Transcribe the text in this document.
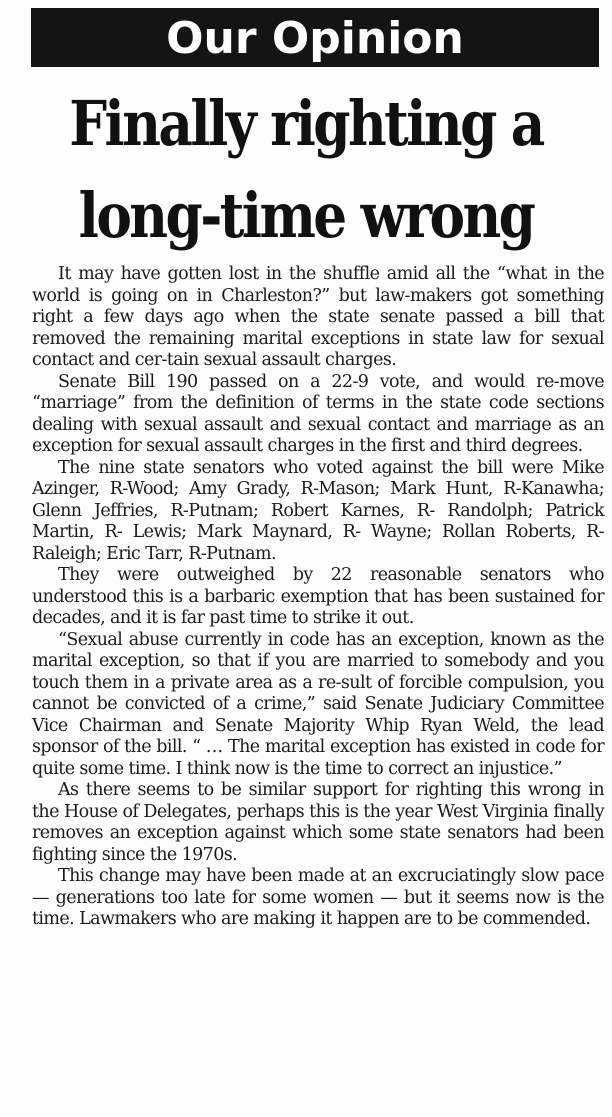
Our Opinion
Finally righting a
long-time wrong

It may have gotten lost in the shuffle amid all the “what in the world is going on in Charleston?” but law-makers got something right a few days ago when the state senate passed a bill that removed the remaining marital exceptions in state law for sexual contact and cer-tain sexual assault charges.

Senate Bill 190 passed on a 22-9 vote, and would re-move “marriage” from the definition of terms in the state code sections dealing with sexual assault and sexual contact and marriage as an exception for sexual assault charges in the first and third degrees.

The nine state senators who voted against the bill were Mike Azinger, R-Wood; Amy Grady, R-Mason; Mark Hunt, R-Kanawha; Glenn Jeffries, R-Putnam; Robert Karnes, R- Randolph; Patrick Martin, R- Lewis; Mark Maynard, R- Wayne; Rollan Roberts, R-Raleigh; Eric Tarr, R-Putnam.

They were outweighed by 22 reasonable senators who understood this is a barbaric exemption that has been sustained for decades, and it is far past time to strike it out.

“Sexual abuse currently in code has an exception, known as the marital exception, so that if you are married to somebody and you touch them in a private area as a re-sult of forcible compulsion, you cannot be convicted of a crime,” said Senate Judiciary Committee Vice Chairman and Senate Majority Whip Ryan Weld, the lead sponsor of the bill. “ … The marital exception has existed in code for quite some time. I think now is the time to correct an injustice.”

As there seems to be similar support for righting this wrong in the House of Delegates, perhaps this is the year West Virginia finally removes an exception against which some state senators had been fighting since the 1970s.

This change may have been made at an excruciatingly slow pace — generations too late for some women — but it seems now is the time. Lawmakers who are making it happen are to be commended.
